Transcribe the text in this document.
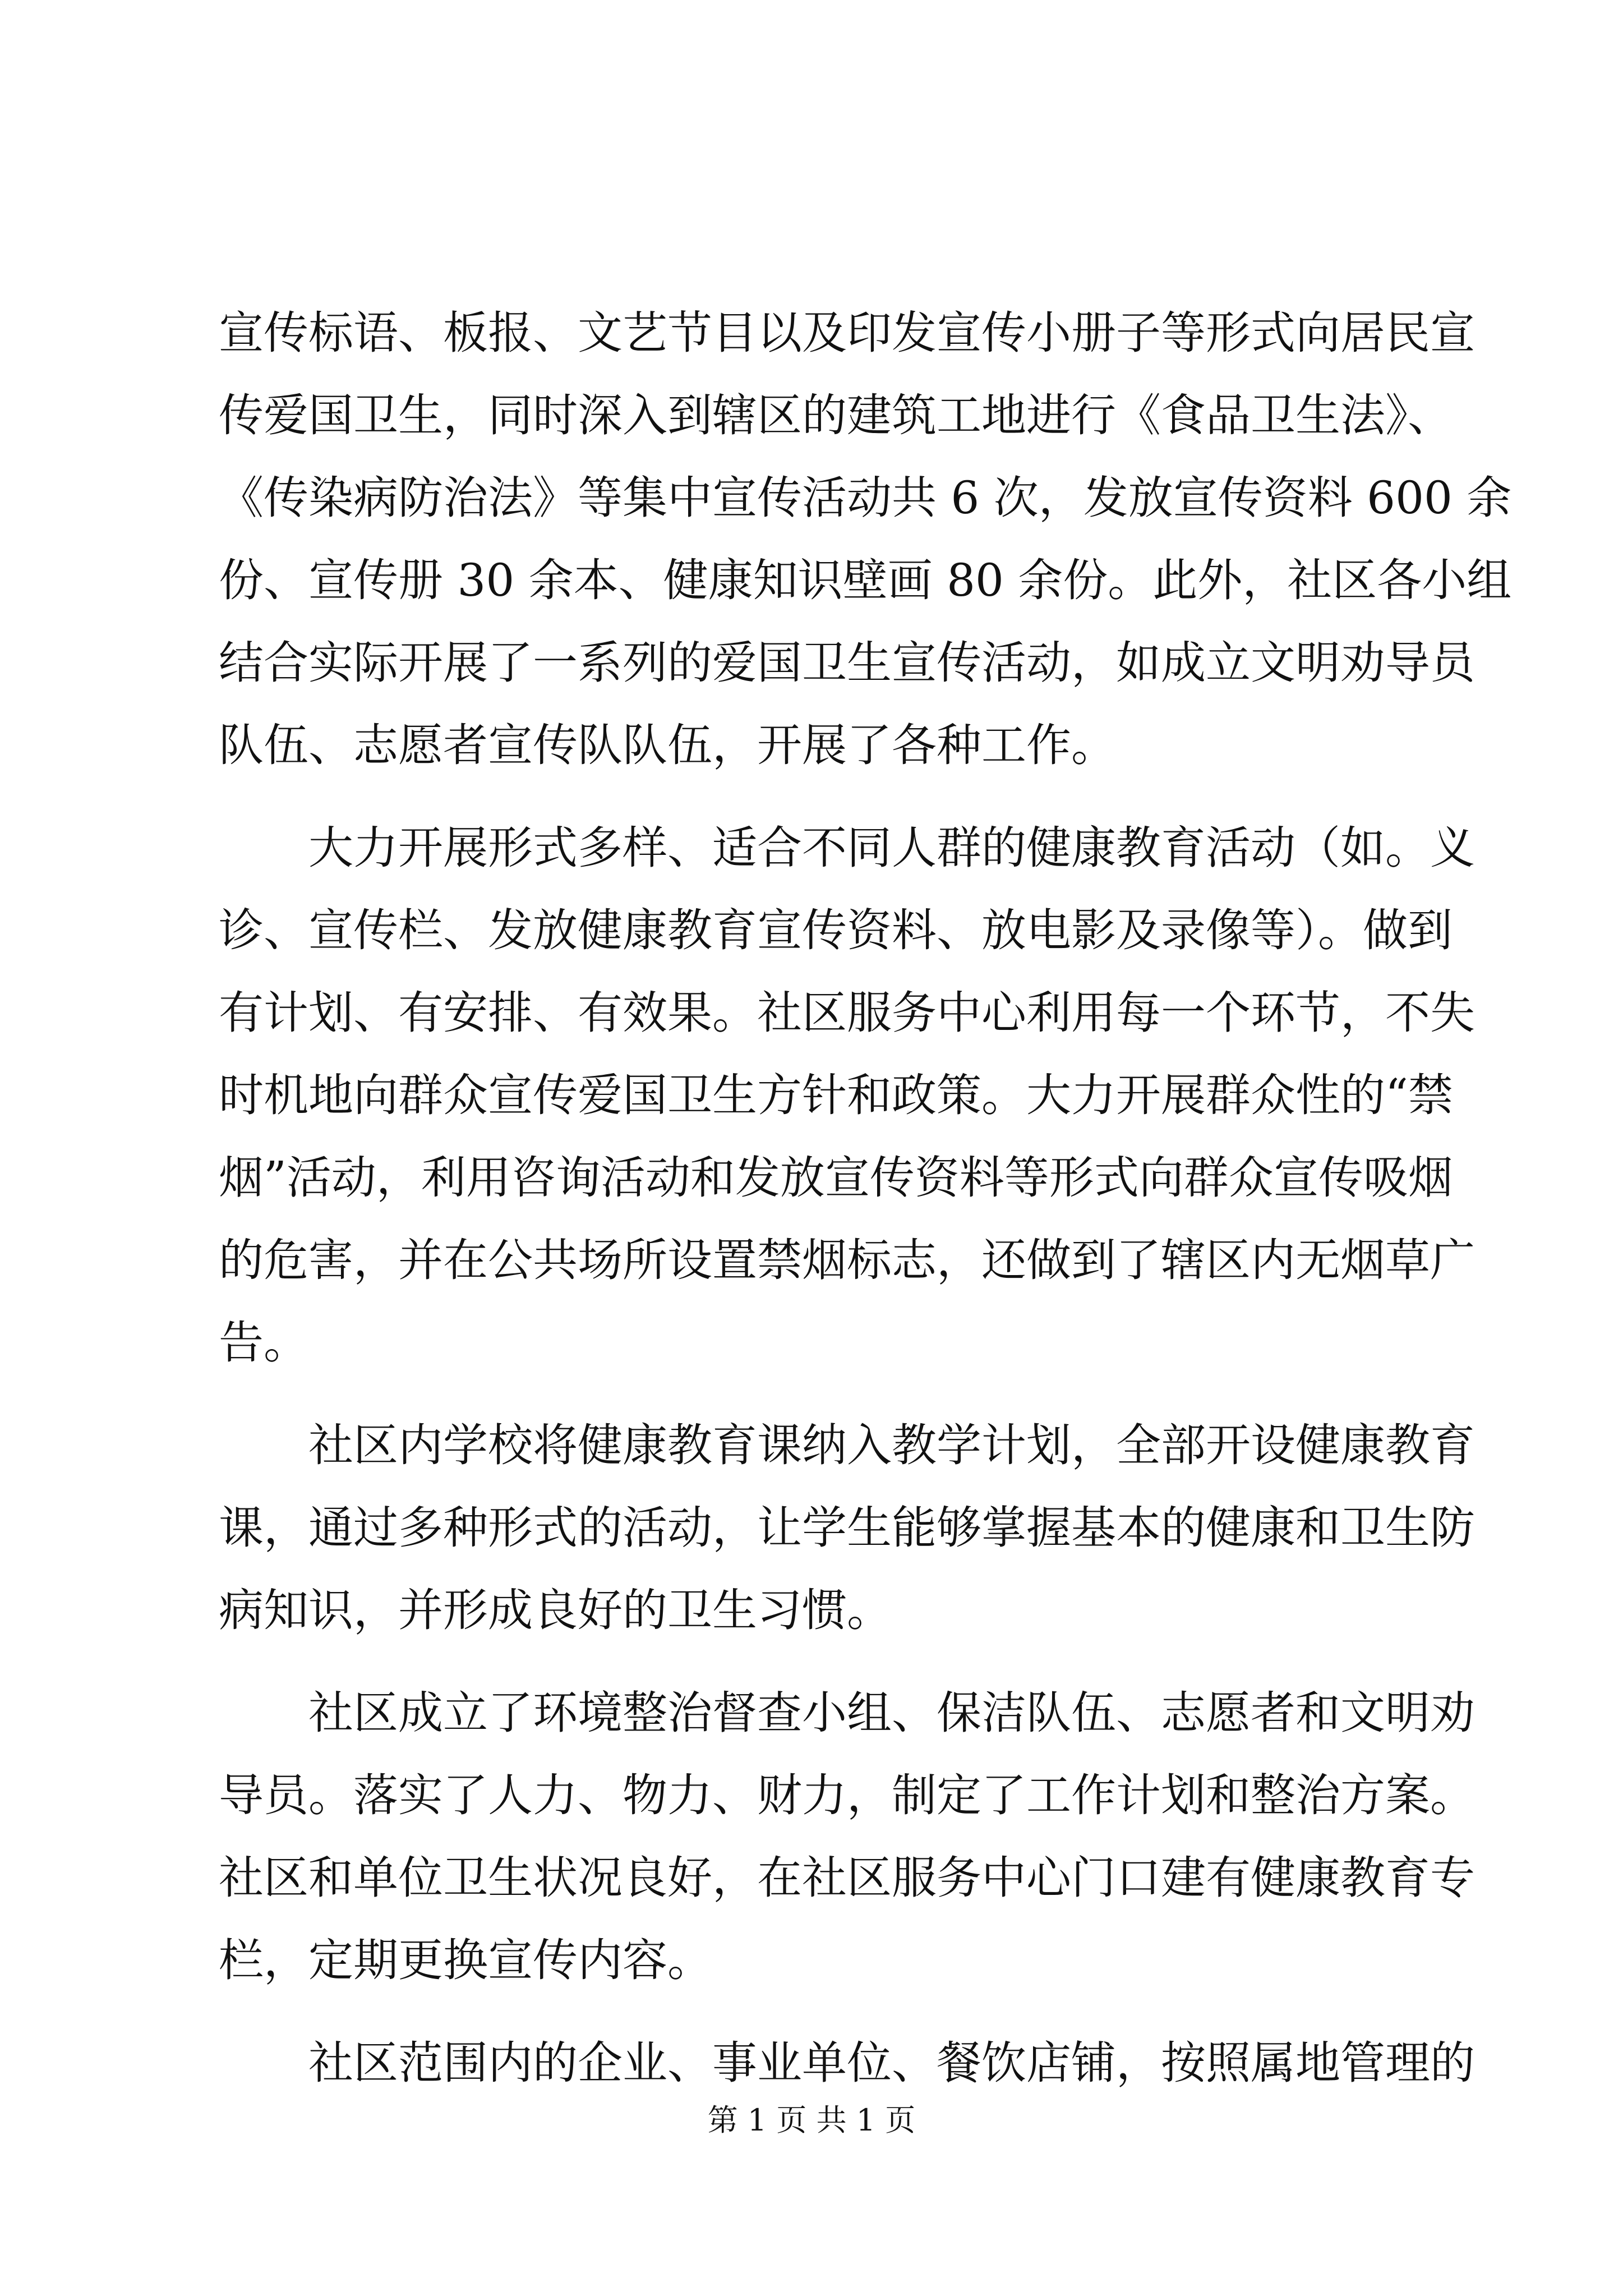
宣传标语、板报、文艺节目以及印发宣传小册子等形式向居民宣
传爱国卫生，同时深入到辖区的建筑工地进行《食品卫生法》、
《传染病防治法》等集中宣传活动共 6 次，发放宣传资料 600 余
份、宣传册 30 余本、健康知识壁画 80 余份。此外，社区各小组
结合实际开展了一系列的爱国卫生宣传活动，如成立文明劝导员
队伍、志愿者宣传队队伍，开展了各种工作。
　　大力开展形式多样、适合不同人群的健康教育活动（如。义
诊、宣传栏、发放健康教育宣传资料、放电影及录像等）。做到
有计划、有安排、有效果。社区服务中心利用每一个环节，不失
时机地向群众宣传爱国卫生方针和政策。大力开展群众性的“禁
烟”活动，利用咨询活动和发放宣传资料等形式向群众宣传吸烟
的危害，并在公共场所设置禁烟标志，还做到了辖区内无烟草广
告。
　　社区内学校将健康教育课纳入教学计划，全部开设健康教育
课，通过多种形式的活动，让学生能够掌握基本的健康和卫生防
病知识，并形成良好的卫生习惯。
　　社区成立了环境整治督查小组、保洁队伍、志愿者和文明劝
导员。落实了人力、物力、财力，制定了工作计划和整治方案。
社区和单位卫生状况良好，在社区服务中心门口建有健康教育专
栏，定期更换宣传内容。
　　社区范围内的企业、事业单位、餐饮店铺，按照属地管理的
第 1 页 共 1 页
